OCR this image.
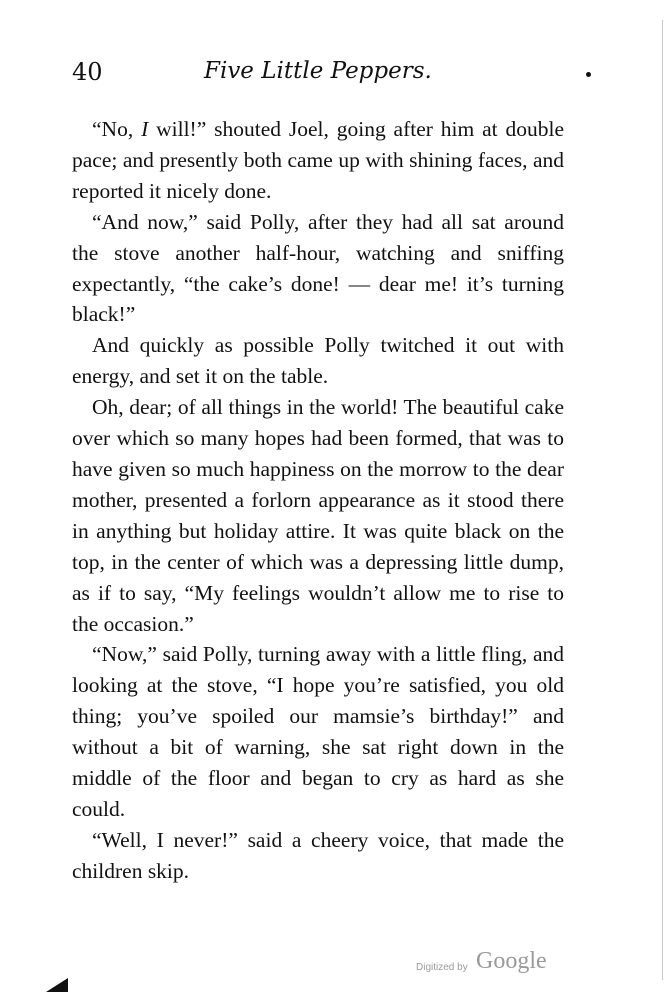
40	Five Little Peppers.

“No, I will!” shouted Joel, going after him at double pace; and presently both came up with shining faces, and reported it nicely done.

“And now,” said Polly, after they had all sat around the stove another half-hour, watching and sniffing expectantly, “the cake’s done! — dear me! it’s turning black!”

And quickly as possible Polly twitched it out with energy, and set it on the table.

Oh, dear; of all things in the world! The beautiful cake over which so many hopes had been formed, that was to have given so much happiness on the morrow to the dear mother, presented a forlorn appearance as it stood there in anything but holiday attire. It was quite black on the top, in the center of which was a depressing little dump, as if to say, “My feelings wouldn’t allow me to rise to the occasion.”

“Now,” said Polly, turning away with a little fling, and looking at the stove, “I hope you’re satisfied, you old thing; you’ve spoiled our mamsie’s birthday!” and without a bit of warning, she sat right down in the middle of the floor and began to cry as hard as she could.

“Well, I never!” said a cheery voice, that made the children skip.

Digitized by Google
